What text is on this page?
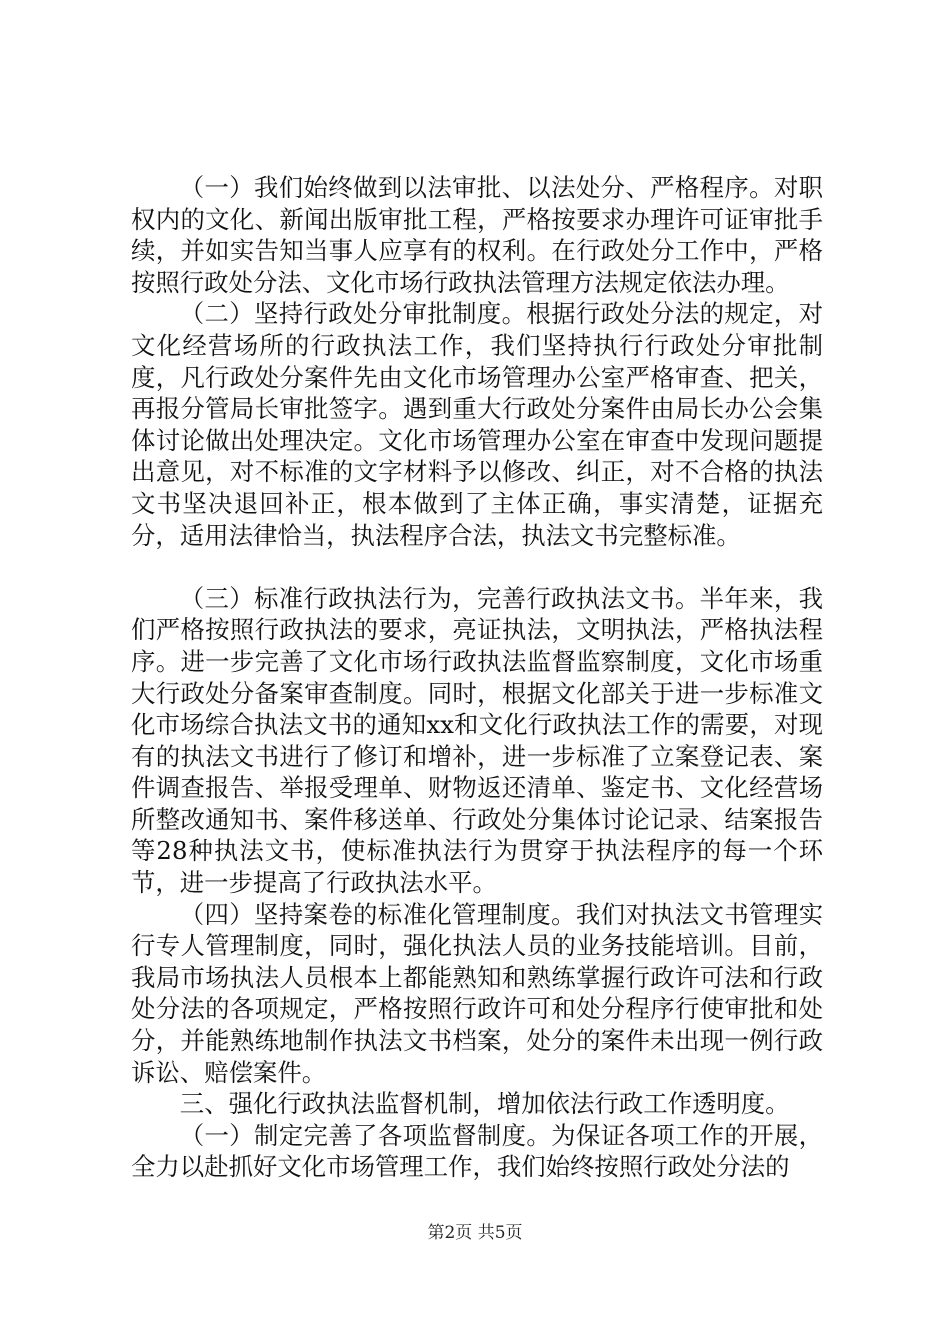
（一）我们始终做到以法审批、以法处分、严格程序。对职权内的文化、新闻出版审批工程，严格按要求办理许可证审批手续，并如实告知当事人应享有的权利。在行政处分工作中，严格按照行政处分法、文化市场行政执法管理方法规定依法办理。

（二）坚持行政处分审批制度。根据行政处分法的规定，对文化经营场所的行政执法工作，我们坚持执行行政处分审批制度，凡行政处分案件先由文化市场管理办公室严格审查、把关，再报分管局长审批签字。遇到重大行政处分案件由局长办公会集体讨论做出处理决定。文化市场管理办公室在审查中发现问题提出意见，对不标准的文字材料予以修改、纠正，对不合格的执法文书坚决退回补正，根本做到了主体正确，事实清楚，证据充分，适用法律恰当，执法程序合法，执法文书完整标准。

（三）标准行政执法行为，完善行政执法文书。半年来，我们严格按照行政执法的要求，亮证执法，文明执法，严格执法程序。进一步完善了文化市场行政执法监督监察制度，文化市场重大行政处分备案审查制度。同时，根据文化部关于进一步标准文化市场综合执法文书的通知xx和文化行政执法工作的需要，对现有的执法文书进行了修订和增补，进一步标准了立案登记表、案件调查报告、举报受理单、财物返还清单、鉴定书、文化经营场所整改通知书、案件移送单、行政处分集体讨论记录、结案报告等28种执法文书，使标准执法行为贯穿于执法程序的每一个环节，进一步提高了行政执法水平。

（四）坚持案卷的标准化管理制度。我们对执法文书管理实行专人管理制度，同时，强化执法人员的业务技能培训。目前，我局市场执法人员根本上都能熟知和熟练掌握行政许可法和行政处分法的各项规定，严格按照行政许可和处分程序行使审批和处分，并能熟练地制作执法文书档案，处分的案件未出现一例行政诉讼、赔偿案件。

三、强化行政执法监督机制，增加依法行政工作透明度。

（一）制定完善了各项监督制度。为保证各项工作的开展，全力以赴抓好文化市场管理工作，我们始终按照行政处分法的

第2页 共5页
